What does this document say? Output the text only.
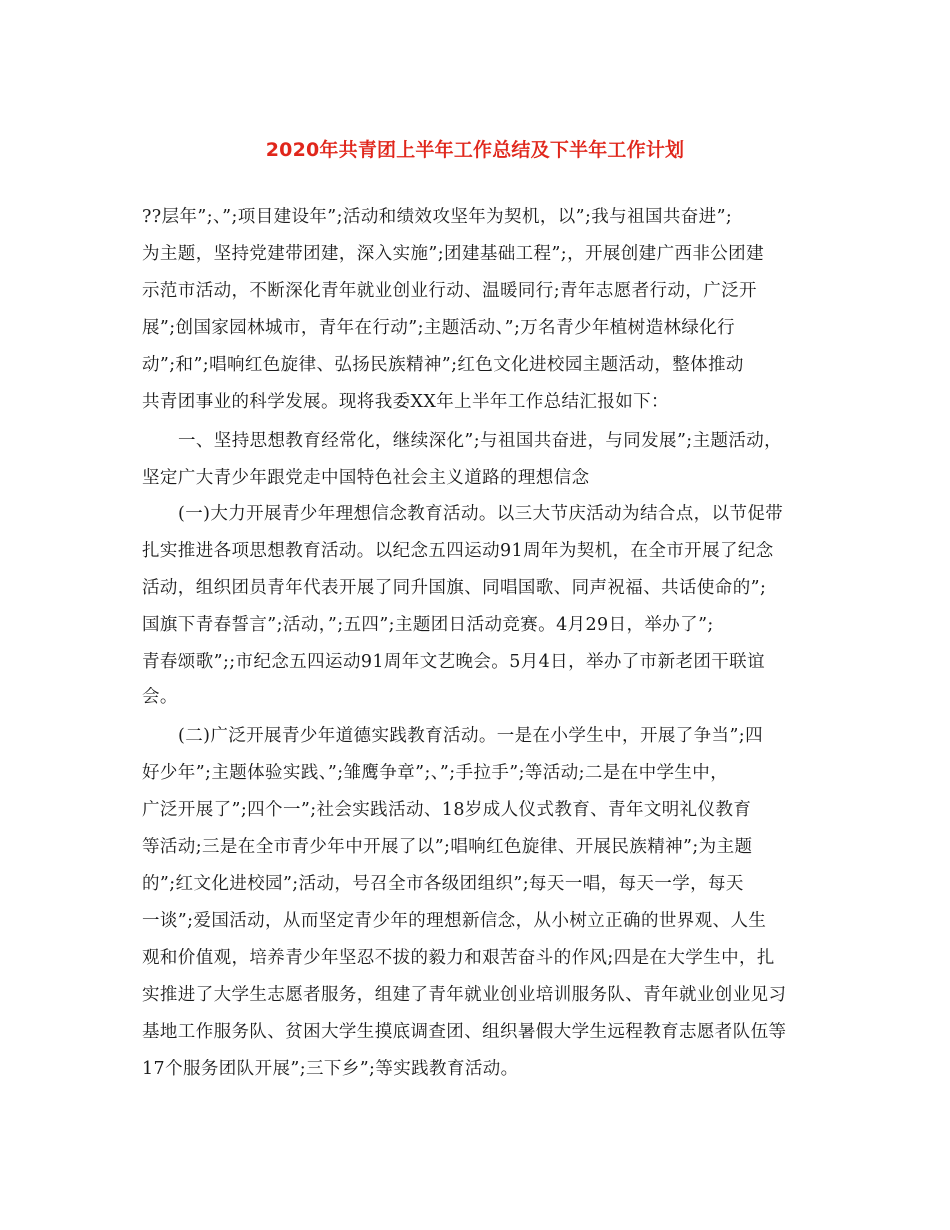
2020年共青团上半年工作总结及下半年工作计划
??层年”;、”;项目建设年”;活动和绩效攻坚年为契机，以”;我与祖国共奋进”;
为主题，坚持党建带团建，深入实施”;团建基础工程”;，开展创建广西非公团建
示范市活动，不断深化青年就业创业行动、温暖同行;青年志愿者行动，广泛开
展”;创国家园林城市，青年在行动”;主题活动、”;万名青少年植树造林绿化行
动”;和”;唱响红色旋律、弘扬民族精神”;红色文化进校园主题活动，整体推动
共青团事业的科学发展。现将我委XX年上半年工作总结汇报如下：
一、坚持思想教育经常化，继续深化”;与祖国共奋进，与同发展”;主题活动，
坚定广大青少年跟党走中国特色社会主义道路的理想信念
(一)大力开展青少年理想信念教育活动。以三大节庆活动为结合点，以节促带
扎实推进各项思想教育活动。以纪念五四运动91周年为契机，在全市开展了纪念
活动，组织团员青年代表开展了同升国旗、同唱国歌、同声祝福、共话使命的”;
国旗下青春誓言”;活动，”;五四”;主题团日活动竞赛。4月29日，举办了”;
青春颂歌”;;市纪念五四运动91周年文艺晚会。5月4日，举办了市新老团干联谊
会。
(二)广泛开展青少年道德实践教育活动。一是在小学生中，开展了争当”;四
好少年”;主题体验实践、”;雏鹰争章”;、”;手拉手”;等活动;二是在中学生中，
广泛开展了”;四个一”;社会实践活动、18岁成人仪式教育、青年文明礼仪教育
等活动;三是在全市青少年中开展了以”;唱响红色旋律、开展民族精神”;为主题
的”;红文化进校园”;活动，号召全市各级团组织”;每天一唱，每天一学，每天
一谈”;爱国活动，从而坚定青少年的理想新信念，从小树立正确的世界观、人生
观和价值观，培养青少年坚忍不拔的毅力和艰苦奋斗的作风;四是在大学生中，扎
实推进了大学生志愿者服务，组建了青年就业创业培训服务队、青年就业创业见习
基地工作服务队、贫困大学生摸底调查团、组织暑假大学生远程教育志愿者队伍等
17个服务团队开展”;三下乡”;等实践教育活动。
